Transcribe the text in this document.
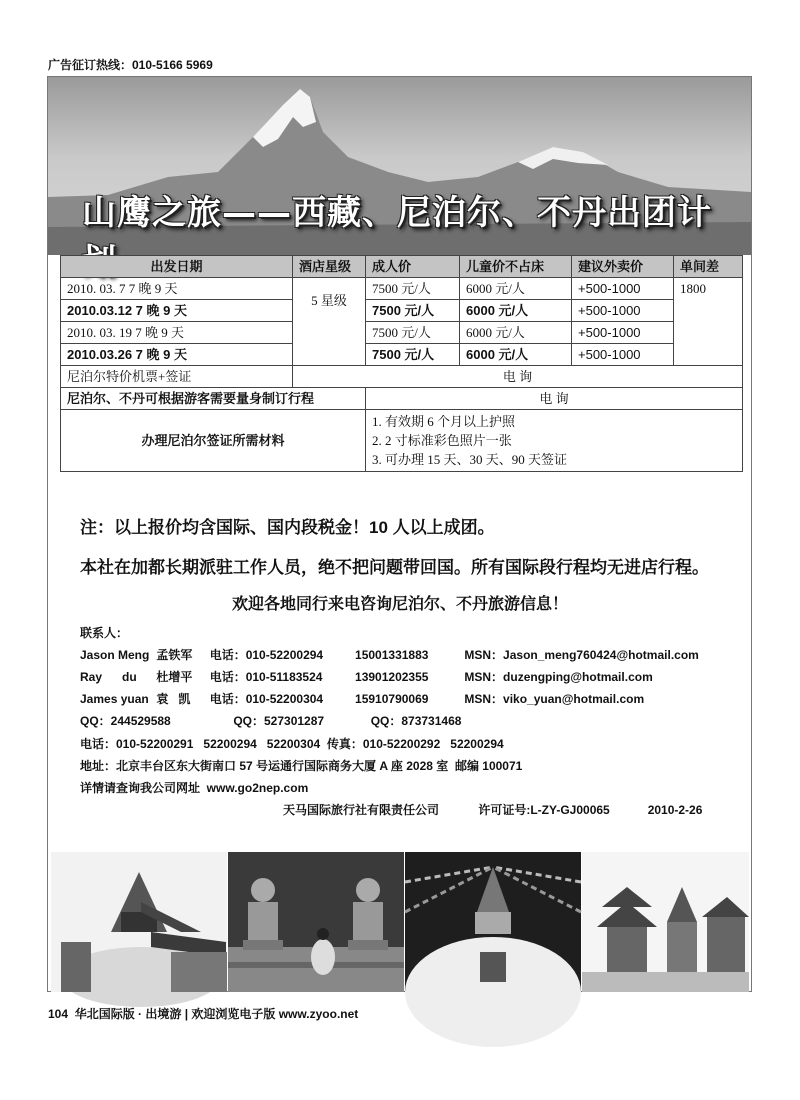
广告征订热线：010-5166 5969
山鹰之旅——西藏、尼泊尔、不丹出团计
出发日期	酒店星级	成人价	儿童价不占床	建议外卖价	单间差
2010. 03. 7 7 晚 9 天	5 星级	7500 元/人	6000 元/人	+500-1000	1800
2010.03.12 7 晚 9 天		7500 元/人	6000 元/人	+500-1000	
2010. 03. 19 7 晚 9 天		7500 元/人	6000 元/人	+500-1000	
2010.03.26 7 晚 9 天		7500 元/人	6000 元/人	+500-1000	
尼泊尔特价机票+签证	电 询				
尼泊尔、不丹可根据游客需要量身制订行程		电 询			
办理尼泊尔签证所需材料		1. 有效期 6 个月以上护照
2. 2 寸标准彩色照片一张
3. 可办理 15 天、30 天、90 天签证			
注：以上报价均含国际、国内段税金！10 人以上成团。
本社在加都长期派驻工作人员，绝不把问题带回国。所有国际段行程均无进店行程。
欢迎各地同行来电咨询尼泊尔、不丹旅游信息！
联系人：
Jason Meng 孟铁军 电话：010-52200294	15001331883	MSN：Jason_meng760424@hotmail.com
Ray      du 杜增平 电话：010-51183524	13901202355	MSN：duzengping@hotmail.com
James yuan 袁   凯 电话：010-52200304	15910790069	MSN：viko_yuan@hotmail.com
QQ：244529588	QQ：527301287	QQ：873731468
电话：010-52200291   52200294   52200304  传真：010-52200292   52200294
地址：北京丰台区东大街南口 57 号运通行国际商务大厦 A 座 2028 室  邮编 100071
详情请查询我公司网址  www.go2nep.com
天马国际旅行社有限责任公司	许可证号:L-ZY-GJ00065	2010-2-26
104  华北国际版 · 出境游 | 欢迎浏览电子版 www.zyoo.net
